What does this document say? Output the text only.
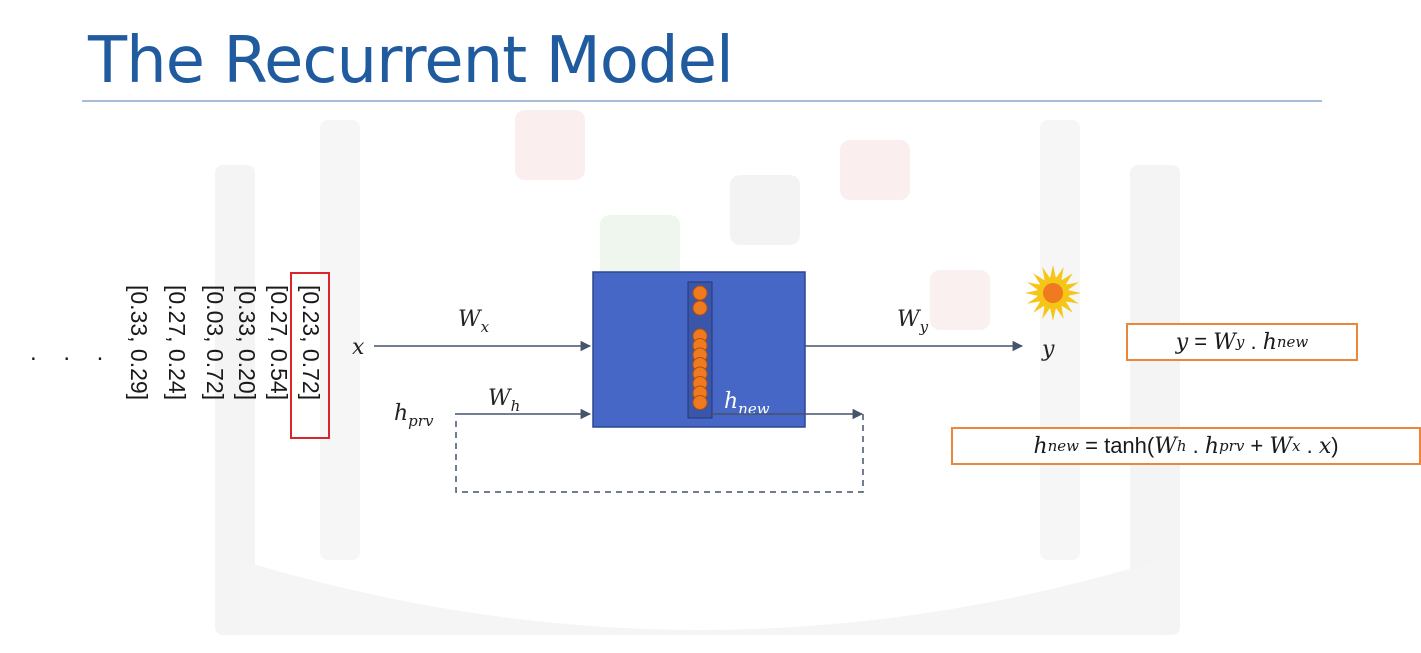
The Recurrent Model
. . .	[0.23, 0.72]
[0.27, 0.54]
[0.33, 0.20]
[0.03, 0.72]
[0.27, 0.24]
[0.33, 0.29]	x
$W_x$
$h_{prv}$
$W_h$	$h_{new}$
$W_y$
y	y = W y . h new
h new = tanh( W h . h prv + W x . x )
